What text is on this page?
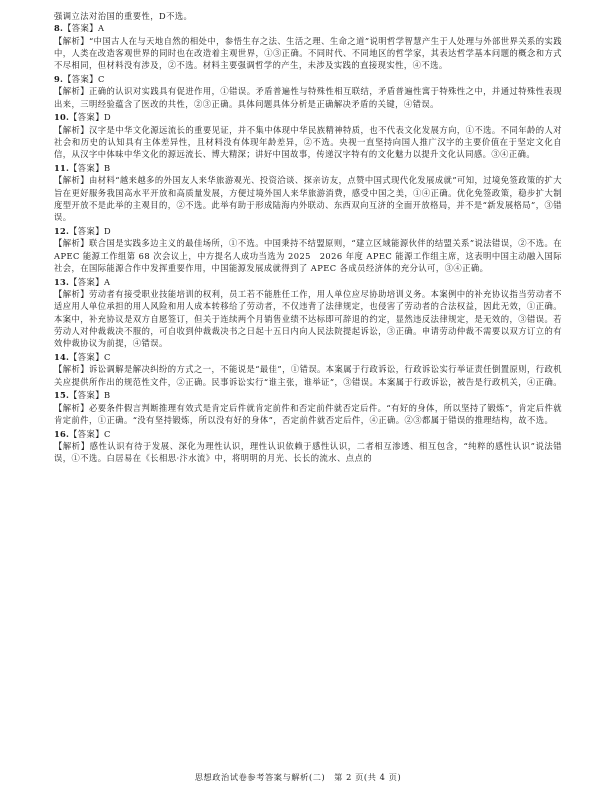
强调立法对治国的重要性，D不选。

8.【答案】A

【解析】“中国古人在与天地自然的相处中，参悟生存之法、生活之理、生命之道”说明哲学智慧产生于人处理与外部世界关系的实践中，人类在改造客观世界的同时也在改造着主观世界，①③正确。不同时代、不同地区的哲学家，其表达哲学基本问题的概念和方式不尽相同，但材料没有涉及，②不选。材料主要强调哲学的产生，未涉及实践的直接现实性，④不选。

9.【答案】C

【解析】正确的认识对实践具有促进作用，①错误。矛盾普遍性与特殊性相互联结，矛盾普遍性寓于特殊性之中，并通过特殊性表现出来，三明经验蕴含了医改的共性，②③正确。具体问题具体分析是正确解决矛盾的关键，④错误。

10.【答案】D

【解析】汉字是中华文化源远流长的重要见证，并不集中体现中华民族精神特质，也不代表文化发展方向，①不选。不同年龄的人对社会和历史的认知具有主体差异性，且材料没有体现年龄差异，②不选。央视一直坚持向国人推广汉字的主要价值在于坚定文化自信，从汉字中体味中华文化的源远流长、博大精深；讲好中国故事，传递汉字特有的文化魅力以提升文化认同感。③④正确。

11.【答案】B

【解析】由材料“越来越多的外国友人来华旅游观光、投资洽谈、探亲访友，点赞中国式现代化发展成就”可知，过境免签政策的扩大旨在更好服务我国高水平开放和高质量发展，方便过境外国人来华旅游消费，感受中国之美，①④正确。优化免签政策，稳步扩大制度型开放不是此举的主观目的，②不选。此举有助于形成陆海内外联动、东西双向互济的全面开放格局，并不是“新发展格局”，③错误。

12.【答案】D

【解析】联合国是实践多边主义的最佳场所，①不选。中国秉持不结盟原则，“建立区域能源伙伴的结盟关系”说法错误，②不选。在 APEC 能源工作组第 68 次会议上，中方提名人成功当选为 2025　2026 年度 APEC 能源工作组主席，这表明中国主动融入国际社会，在国际能源合作中发挥重要作用，中国能源发展成就得到了 APEC 各成员经济体的充分认可，③④正确。

13.【答案】A

【解析】劳动者有接受职业技能培训的权利，员工若不能胜任工作，用人单位应尽协助培训义务。本案例中的补充协议指当劳动者不适应用人单位承担的用人风险和用人成本转移给了劳动者，不仅违背了法律规定，也侵害了劳动者的合法权益，因此无效，①正确。本案中，补充协议是双方自愿签订，但关于连续两个月销售业绩不达标即可辞退的约定，显然违反法律规定，是无效的，③错误。若劳动人对仲裁裁决不服的，可自收到仲裁裁决书之日起十五日内向人民法院提起诉讼，③正确。申请劳动仲裁不需要以双方订立的有效仲裁协议为前提，④错误。

14.【答案】C

【解析】诉讼调解是解决纠纷的方式之一，不能说是“最佳”，①错误。本案属于行政诉讼，行政诉讼实行举证责任倒置原则，行政机关应提供所作出的规范性文件，②正确。民事诉讼实行“谁主张，谁举证”，③错误。本案属于行政诉讼，被告是行政机关，④正确。

15.【答案】B

【解析】必要条件假言判断推理有效式是肯定后件就肯定前件和否定前件就否定后件。“有好的身体，所以坚持了锻炼”，肯定后件就肯定前件，①正确。“没有坚持锻炼，所以没有好的身体”，否定前件就否定后件，④正确。②③都属于错误的推理结构，故不选。

16.【答案】C

【解析】感性认识有待于发展、深化为理性认识，理性认识依赖于感性认识，二者相互渗透、相互包含，“纯粹的感性认识”说法错误，①不选。白居易在《长相思·汴水流》中，将明明的月光、长长的流水、点点的

思想政治试卷参考答案与解析(二)　第 2 页(共 4 页)
